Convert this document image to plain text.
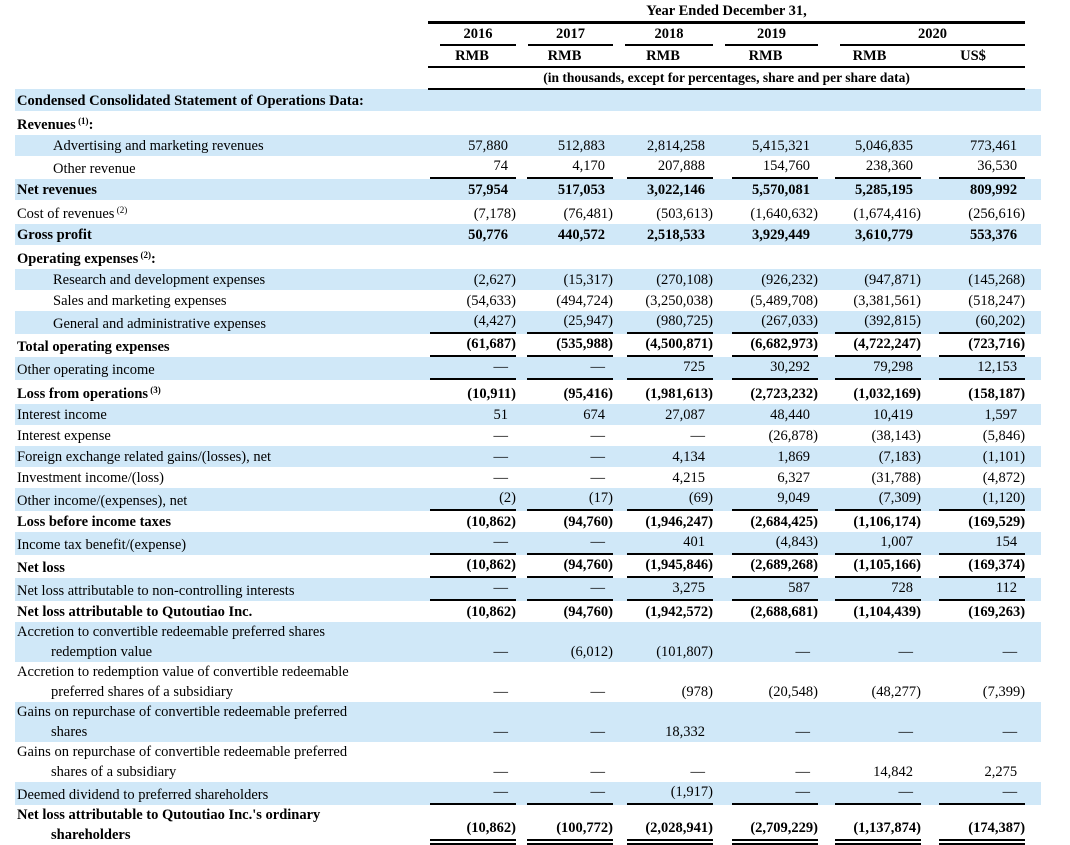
	Year Ended December 31,						

	2016	2017	2018	2019	2020		

	RMB	RMB	RMB	RMB	RMB	US$	
	(in thousands, except for percentages, share and per share data)						
Condensed Consolidated Statement of Operations Data:	

Revenues $^{(1)}$:	

Advertising and marketing revenues	57,880	512,883	2,814,258	5,415,321	5,046,835	773,461	

Other revenue	74	4,170	207,888	154,760	238,360	36,530	

Net revenues	57,954	517,053	3,022,146	5,570,081	5,285,195	809,992	

Cost of revenues $^{(2)}$	(7,178)	(76,481)	(503,613)	(1,640,632)	(1,674,416)	(256,616)	

Gross profit	50,776	440,572	2,518,533	3,929,449	3,610,779	553,376	

Operating expenses $^{(2)}$:	

Research and development expenses	(2,627)	(15,317)	(270,108)	(926,232)	(947,871)	(145,268)	

Sales and marketing expenses	(54,633)	(494,724)	(3,250,038)	(5,489,708)	(3,381,561)	(518,247)	

General and administrative expenses	(4,427)	(25,947)	(980,725)	(267,033)	(392,815)	(60,202)	

Total operating expenses	(61,687)	(535,988)	(4,500,871)	(6,682,973)	(4,722,247)	(723,716)	

Other operating income	—	—	725	30,292	79,298	12,153	

Loss from operations $^{(3)}$	(10,911)	(95,416)	(1,981,613)	(2,723,232)	(1,032,169)	(158,187)	

Interest income	51	674	27,087	48,440	10,419	1,597	

Interest expense	—	—	—	(26,878)	(38,143)	(5,846)	

Foreign exchange related gains/(losses), net	—	—	4,134	1,869	(7,183)	(1,101)	

Investment income/(loss)	—	—	4,215	6,327	(31,788)	(4,872)	

Other income/(expenses), net	(2)	(17)	(69)	9,049	(7,309)	(1,120)	

Loss before income taxes	(10,862)	(94,760)	(1,946,247)	(2,684,425)	(1,106,174)	(169,529)	

Income tax benefit/(expense)	—	—	401	(4,843)	1,007	154	

Net loss	(10,862)	(94,760)	(1,945,846)	(2,689,268)	(1,105,166)	(169,374)	

Net loss attributable to non-controlling interests	—	—	3,275	587	728	112	

Net loss attributable to Qutoutiao Inc.	(10,862)	(94,760)	(1,942,572)	(2,688,681)	(1,104,439)	(169,263)	

Accretion to convertible redeemable preferred shares
redemption value	—	(6,012)	(101,807)	—	—	—	

Accretion to redemption value of convertible redeemable
preferred shares of a subsidiary	—	—	(978)	(20,548)	(48,277)	(7,399)	

Gains on repurchase of convertible redeemable preferred
shares	—	—	18,332	—	—	—	

Gains on repurchase of convertible redeemable preferred
shares of a subsidiary	—	—	—	—	14,842	2,275	

Deemed dividend to preferred shareholders	—	—	(1,917)	—	—	—	

Net loss attributable to Qutoutiao Inc.'s ordinary
shareholders	(10,862)	(100,772)	(2,028,941)	(2,709,229)	(1,137,874)	(174,387)	
